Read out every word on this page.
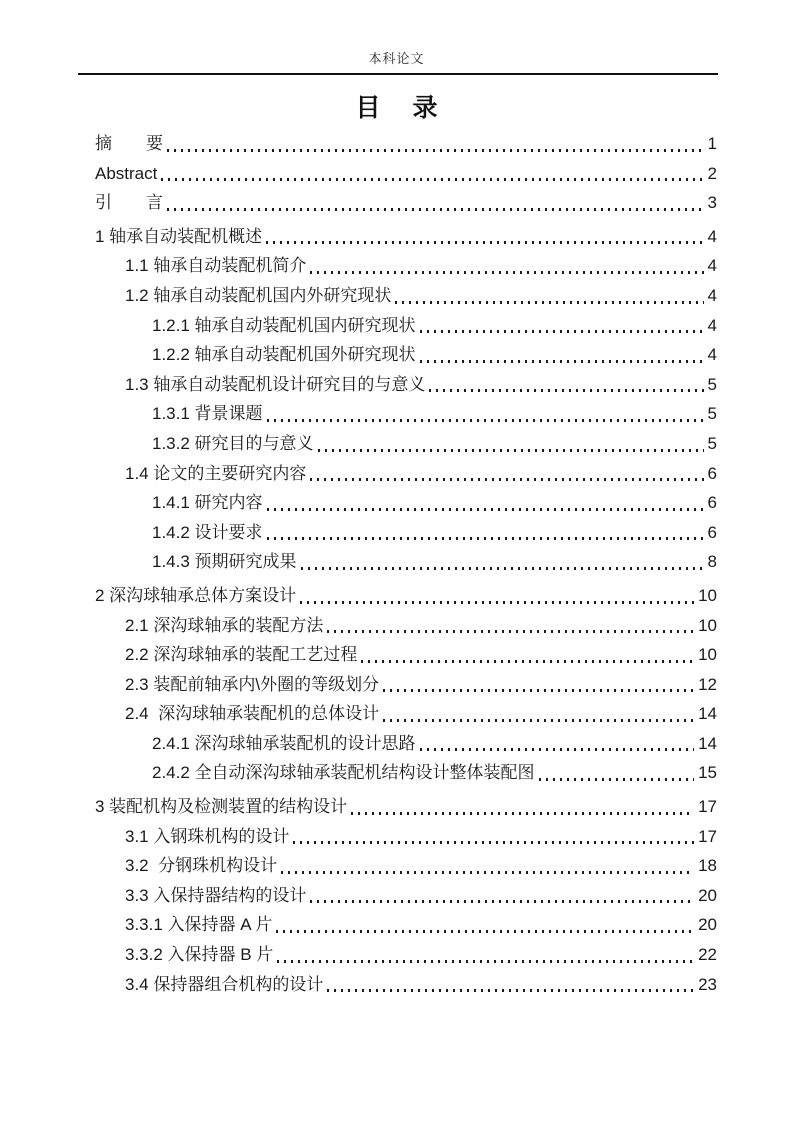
本科论文
目　 录
摘　　要	1
Abstract	2
引　　言	3
1 轴承自动装配机概述	4
1.1 轴承自动装配机简介	4
1.2 轴承自动装配机国内外研究现状	4
1.2.1 轴承自动装配机国内研究现状	4
1.2.2 轴承自动装配机国外研究现状	4
1.3 轴承自动装配机设计研究目的与意义	5
1.3.1 背景课题	5
1.3.2 研究目的与意义	5
1.4 论文的主要研究内容	6
1.4.1 研究内容	6
1.4.2 设计要求	6
1.4.3 预期研究成果	8
2 深沟球轴承总体方案设计	10
2.1 深沟球轴承的装配方法	10
2.2 深沟球轴承的装配工艺过程	10
2.3 装配前轴承内\外圈的等级划分	12
2.4  深沟球轴承装配机的总体设计	14
2.4.1 深沟球轴承装配机的设计思路	14
2.4.2 全自动深沟球轴承装配机结构设计整体装配图	15
3 装配机构及检测装置的结构设计	17
3.1 入钢珠机构的设计	17
3.2  分钢珠机构设计	18
3.3 入保持器结构的设计	20
3.3.1 入保持器 A 片	20
3.3.2 入保持器 B 片	22
3.4 保持器组合机构的设计	23
